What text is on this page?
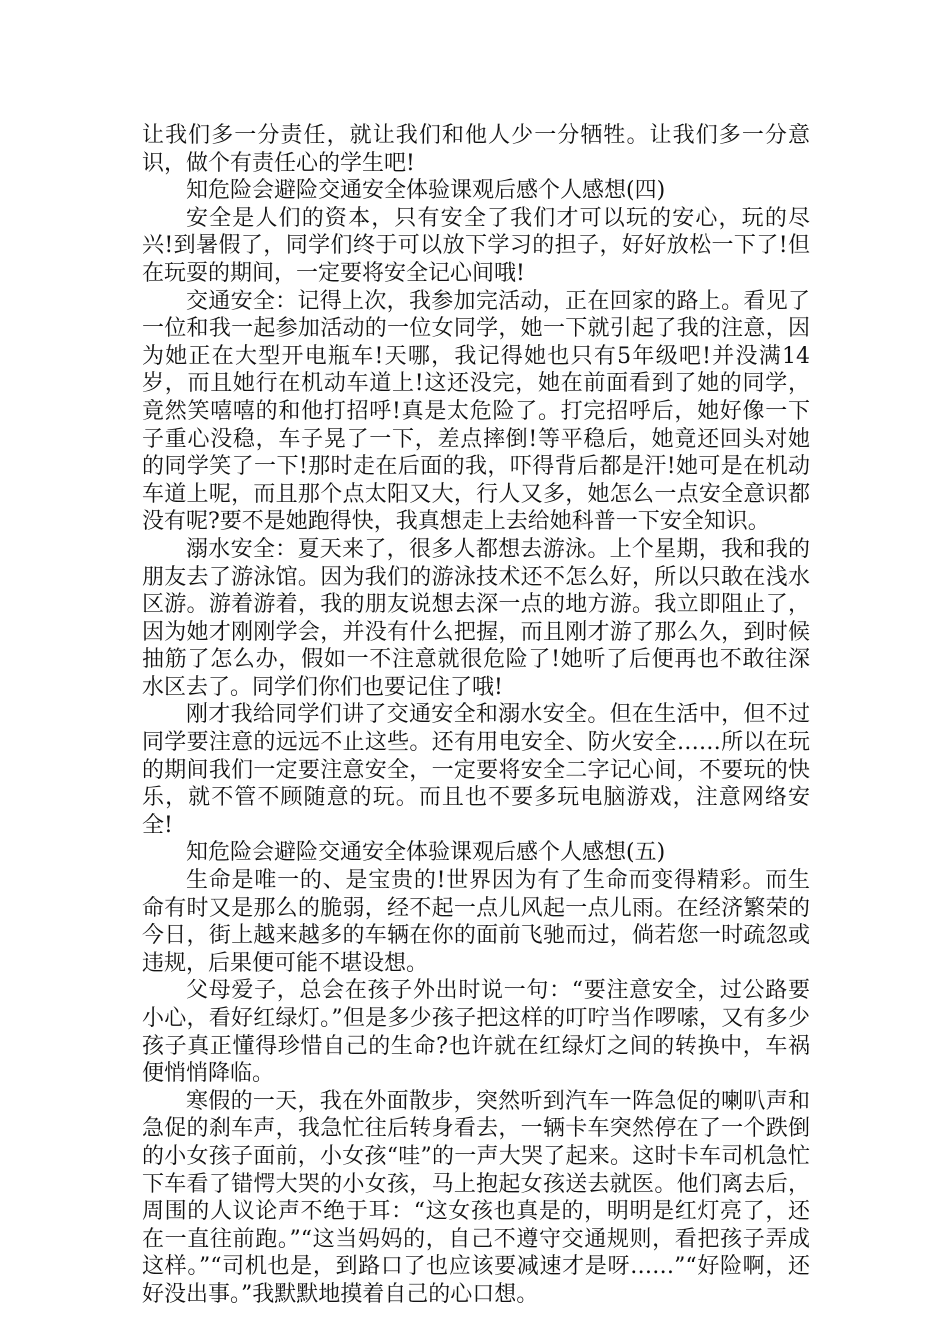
让我们多一分责任，就让我们和他人少一分牺牲。让我们多一分意识，做个有责任心的学生吧!

知危险会避险交通安全体验课观后感个人感想(四)

安全是人们的资本，只有安全了我们才可以玩的安心，玩的尽兴!到暑假了，同学们终于可以放下学习的担子，好好放松一下了!但在玩耍的期间，一定要将安全记心间哦!

交通安全：记得上次，我参加完活动，正在回家的路上。看见了一位和我一起参加活动的一位女同学，她一下就引起了我的注意，因为她正在大型开电瓶车!天哪，我记得她也只有5年级吧!并没满14岁，而且她行在机动车道上!这还没完，她在前面看到了她的同学，竟然笑嘻嘻的和他打招呼!真是太危险了。打完招呼后，她好像一下子重心没稳，车子晃了一下，差点摔倒!等平稳后，她竟还回头对她的同学笑了一下!那时走在后面的我，吓得背后都是汗!她可是在机动车道上呢，而且那个点太阳又大，行人又多，她怎么一点安全意识都没有呢?要不是她跑得快，我真想走上去给她科普一下安全知识。

溺水安全：夏天来了，很多人都想去游泳。上个星期，我和我的朋友去了游泳馆。因为我们的游泳技术还不怎么好，所以只敢在浅水区游。游着游着，我的朋友说想去深一点的地方游。我立即阻止了，因为她才刚刚学会，并没有什么把握，而且刚才游了那么久，到时候抽筋了怎么办，假如一不注意就很危险了!她听了后便再也不敢往深水区去了。同学们你们也要记住了哦!

刚才我给同学们讲了交通安全和溺水安全。但在生活中，但不过同学要注意的远远不止这些。还有用电安全、防火安全……所以在玩的期间我们一定要注意安全，一定要将安全二字记心间，不要玩的快乐，就不管不顾随意的玩。而且也不要多玩电脑游戏，注意网络安全!

知危险会避险交通安全体验课观后感个人感想(五)

生命是唯一的、是宝贵的!世界因为有了生命而变得精彩。而生命有时又是那么的脆弱，经不起一点儿风起一点儿雨。在经济繁荣的今日，街上越来越多的车辆在你的面前飞驰而过，倘若您一时疏忽或违规，后果便可能不堪设想。

父母爱子，总会在孩子外出时说一句：“要注意安全，过公路要小心，看好红绿灯。”但是多少孩子把这样的叮咛当作啰嗦，又有多少孩子真正懂得珍惜自己的生命?也许就在红绿灯之间的转换中，车祸便悄悄降临。

寒假的一天，我在外面散步，突然听到汽车一阵急促的喇叭声和急促的刹车声，我急忙往后转身看去，一辆卡车突然停在了一个跌倒的小女孩子面前，小女孩“哇”的一声大哭了起来。这时卡车司机急忙下车看了错愕大哭的小女孩，马上抱起女孩送去就医。他们离去后，周围的人议论声不绝于耳：“这女孩也真是的，明明是红灯亮了，还在一直往前跑。”“这当妈妈的，自己不遵守交通规则，看把孩子弄成这样。”“司机也是，到路口了也应该要减速才是呀……”“好险啊，还好没出事。”我默默地摸着自己的心口想。
